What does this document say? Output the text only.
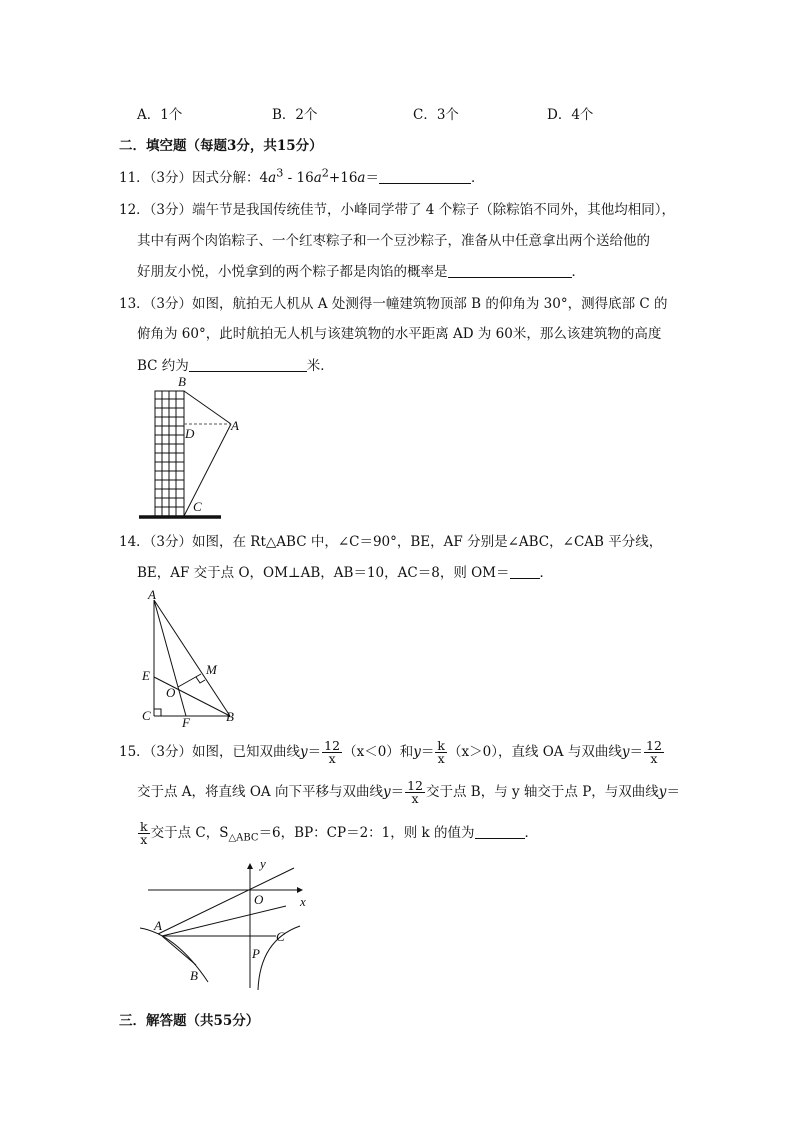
A．1个	B．2个	C．3个	D．4个
二．填空题（每题3分，共15分）
11．（3分）因式分解：$4a^3 - 16a^2+16a=$	．
12．（3分）端午节是我国传统佳节，小峰同学带了 4 个粽子（除粽馅不同外，其他均相同），
其中有两个肉馅粽子、一个红枣粽子和一个豆沙粽子，准备从中任意拿出两个送给他的
好朋友小悦，小悦拿到的两个粽子都是肉馅的概率是	．
13．（3分）如图，航拍无人机从 A 处测得一幢建筑物顶部 B 的仰角为 30°，测得底部 C 的
俯角为 60°，此时航拍无人机与该建筑物的水平距离 AD 为 60米，那么该建筑物的高度
BC 约为	米．
B
D
A
C
14．（3分）如图，在 Rt△ABC 中，∠C＝90°，BE，AF 分别是∠ABC，∠CAB 平分线，
BE，AF 交于点 O，OM⊥AB，AB＝10，AC＝8，则 OM＝ ．
A
E	M
O
C F	B
15．（3分）如图，已知双曲线$y= \frac{12}{x} (x<0)$和$y= \frac{k}{x} (x>0)$，直线 OA 与双曲线$y= \frac{12}{x}$
交于点 A，将直线 OA 向下平移与双曲线$y= \frac{12}{x}$ 交于点 B，与 y 轴交于点 P，与双曲线y＝
$\frac{k}{x}$ 交于点 C，$S_{\triangle ABC}=6$，BP：CP＝2：1，则 k 的值为	．
y
O	x
A
C
P
B
三．解答题（共55分）
